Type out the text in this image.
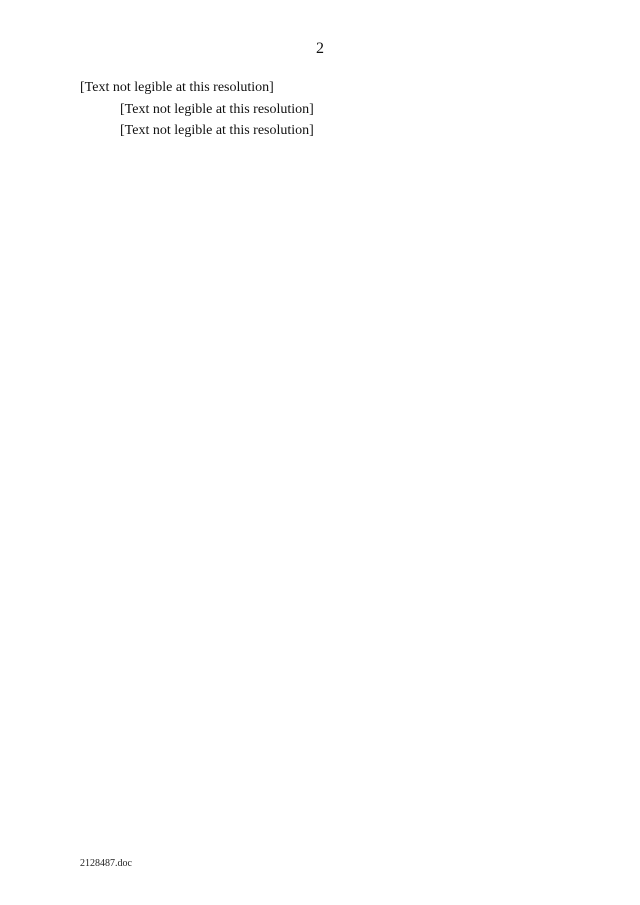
2

[Text not legible at this resolution]

[Text not legible at this resolution]

[Text not legible at this resolution]

2128487.doc
